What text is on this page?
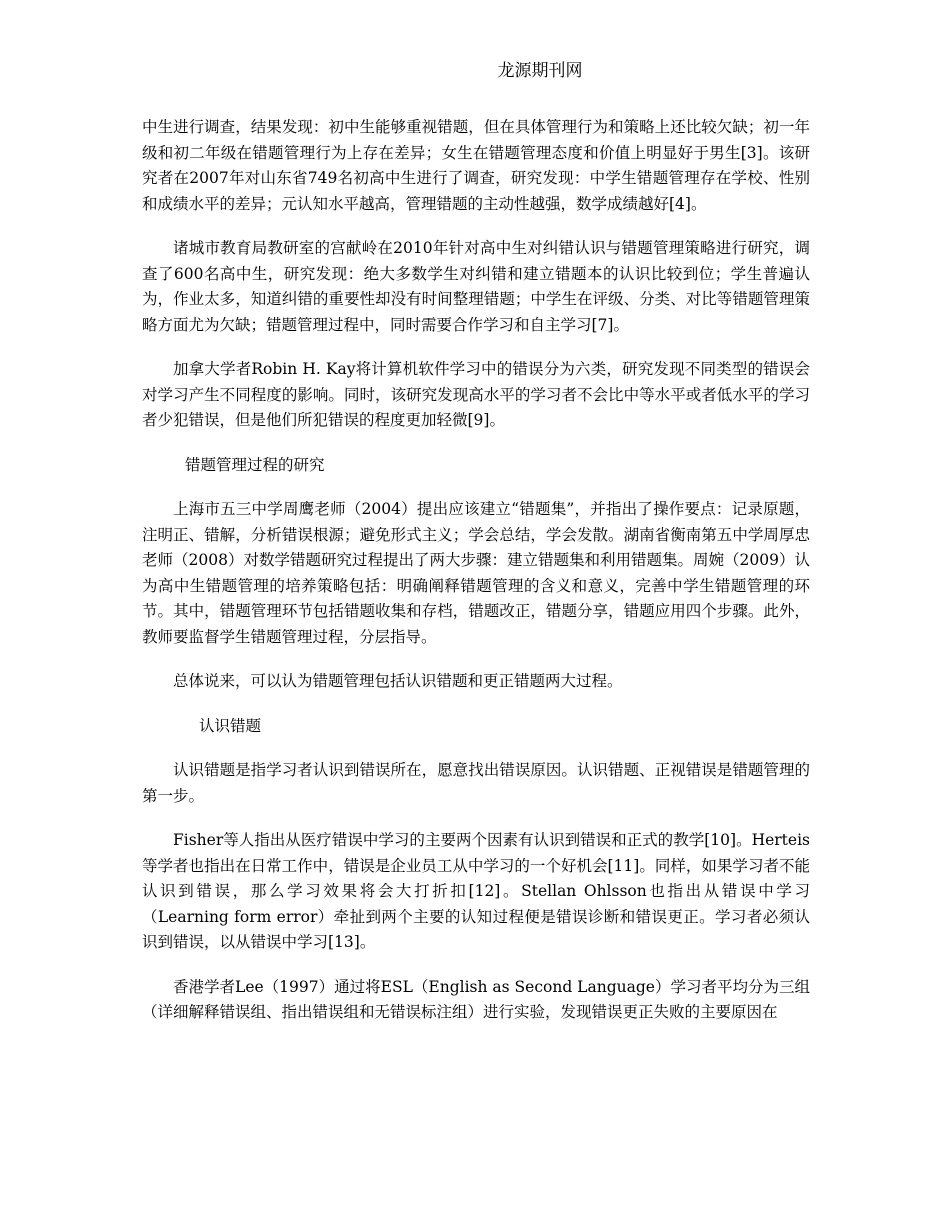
龙源期刊网

中生进行调查，结果发现：初中生能够重视错题，但在具体管理行为和策略上还比较欠缺；初一年级和初二年级在错题管理行为上存在差异；女生在错题管理态度和价值上明显好于男生[3]。该研究者在2007年对山东省749名初高中生进行了调查，研究发现：中学生错题管理存在学校、性别和成绩水平的差异；元认知水平越高，管理错题的主动性越强，数学成绩越好[4]。

诸城市教育局教研室的宫献岭在2010年针对高中生对纠错认识与错题管理策略进行研究，调查了600名高中生，研究发现：绝大多数学生对纠错和建立错题本的认识比较到位；学生普遍认为，作业太多，知道纠错的重要性却没有时间整理错题；中学生在评级、分类、对比等错题管理策略方面尤为欠缺；错题管理过程中，同时需要合作学习和自主学习[7]。

加拿大学者Robin H. Kay将计算机软件学习中的错误分为六类，研究发现不同类型的错误会对学习产生不同程度的影响。同时，该研究发现高水平的学习者不会比中等水平或者低水平的学习者少犯错误，但是他们所犯错误的程度更加轻微[9]。

错题管理过程的研究

上海市五三中学周鹰老师（2004）提出应该建立“错题集”，并指出了操作要点：记录原题，注明正、错解，分析错误根源；避免形式主义；学会总结，学会发散。湖南省衡南第五中学周厚忠老师（2008）对数学错题研究过程提出了两大步骤：建立错题集和利用错题集。周婉（2009）认为高中生错题管理的培养策略包括：明确阐释错题管理的含义和意义，完善中学生错题管理的环节。其中，错题管理环节包括错题收集和存档，错题改正，错题分享，错题应用四个步骤。此外，教师要监督学生错题管理过程，分层指导。

总体说来，可以认为错题管理包括认识错题和更正错题两大过程。

认识错题

认识错题是指学习者认识到错误所在，愿意找出错误原因。认识错题、正视错误是错题管理的第一步。

Fisher等人指出从医疗错误中学习的主要两个因素有认识到错误和正式的教学[10]。Herteis等学者也指出在日常工作中，错误是企业员工从中学习的一个好机会[11]。同样，如果学习者不能认识到错误，那么学习效果将会大打折扣[12]。Stellan Ohlsson也指出从错误中学习（Learning form error）牵扯到两个主要的认知过程便是错误诊断和错误更正。学习者必须认识到错误，以从错误中学习[13]。

香港学者Lee（1997）通过将ESL（English as Second Language）学习者平均分为三组（详细解释错误组、指出错误组和无错误标注组）进行实验，发现错误更正失败的主要原因在
